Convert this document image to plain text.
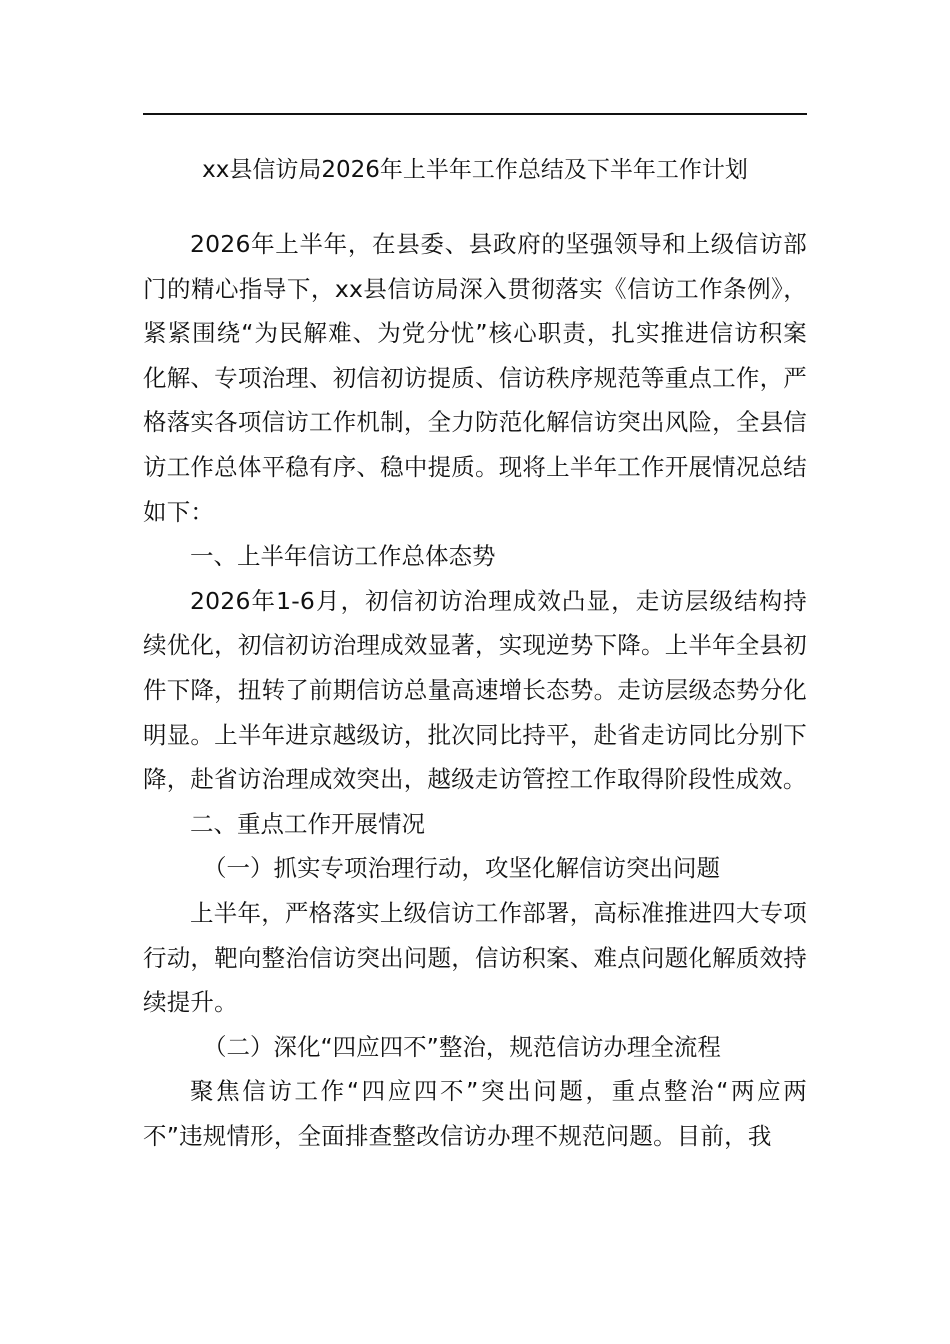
xx县信访局2026年上半年工作总结及下半年工作计划

2026年上半年，在县委、县政府的坚强领导和上级信访部门的精心指导下，xx县信访局深入贯彻落实《信访工作条例》，紧紧围绕“为民解难、为党分忧”核心职责，扎实推进信访积案化解、专项治理、初信初访提质、信访秩序规范等重点工作，严格落实各项信访工作机制，全力防范化解信访突出风险，全县信访工作总体平稳有序、稳中提质。现将上半年工作开展情况总结如下：

一、上半年信访工作总体态势

2026年1-6月，初信初访治理成效凸显，走访层级结构持续优化，初信初访治理成效显著，实现逆势下降。上半年全县初件下降，扭转了前期信访总量高速增长态势。走访层级态势分化明显。上半年进京越级访，批次同比持平，赴省走访同比分别下降，赴省访治理成效突出，越级走访管控工作取得阶段性成效。

二、重点工作开展情况

（一）抓实专项治理行动，攻坚化解信访突出问题

上半年，严格落实上级信访工作部署，高标准推进四大专项行动，靶向整治信访突出问题，信访积案、难点问题化解质效持续提升。

（二）深化“四应四不”整治，规范信访办理全流程

聚焦信访工作“四应四不”突出问题，重点整治“两应两不”违规情形，全面排查整改信访办理不规范问题。目前，我
